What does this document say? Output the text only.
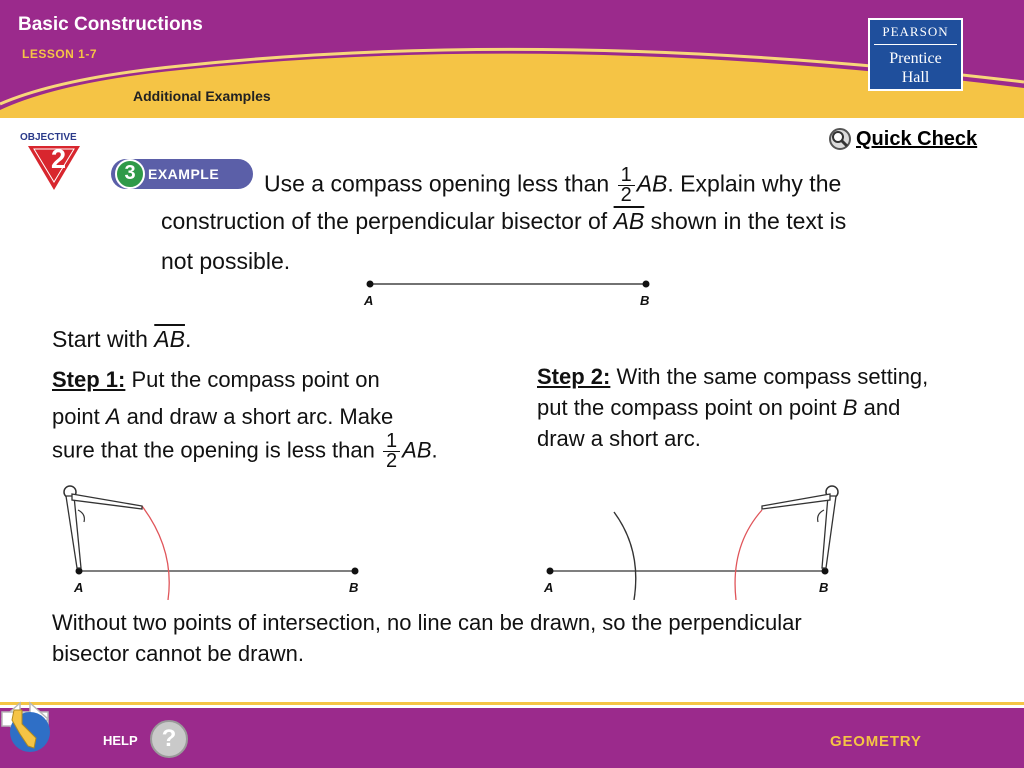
Basic Constructions
LESSON 1-7
Additional Examples
PEARSON
Prentice
Hall
OBJECTIVE
2	3 EXAMPLE
Quick Check
Use a compass opening less than $\frac{1}{2}$ AB. Explain why the
construction of the perpendicular bisector of $\overline{AB}$ shown in the text is
not possible.
A	B
Start with $\overline{AB}$.
Step 1: Put the compass point on
point A and draw a short arc. Make
sure that the opening is less than $\frac{1}{2}$ AB.
Step 2: With the same compass setting,
put the compass point on point B and
draw a short arc.
A	B	A	B
Without two points of intersection, no line can be drawn, so the perpendicular
bisector cannot be drawn.
HELP ?	GEOMETRY
